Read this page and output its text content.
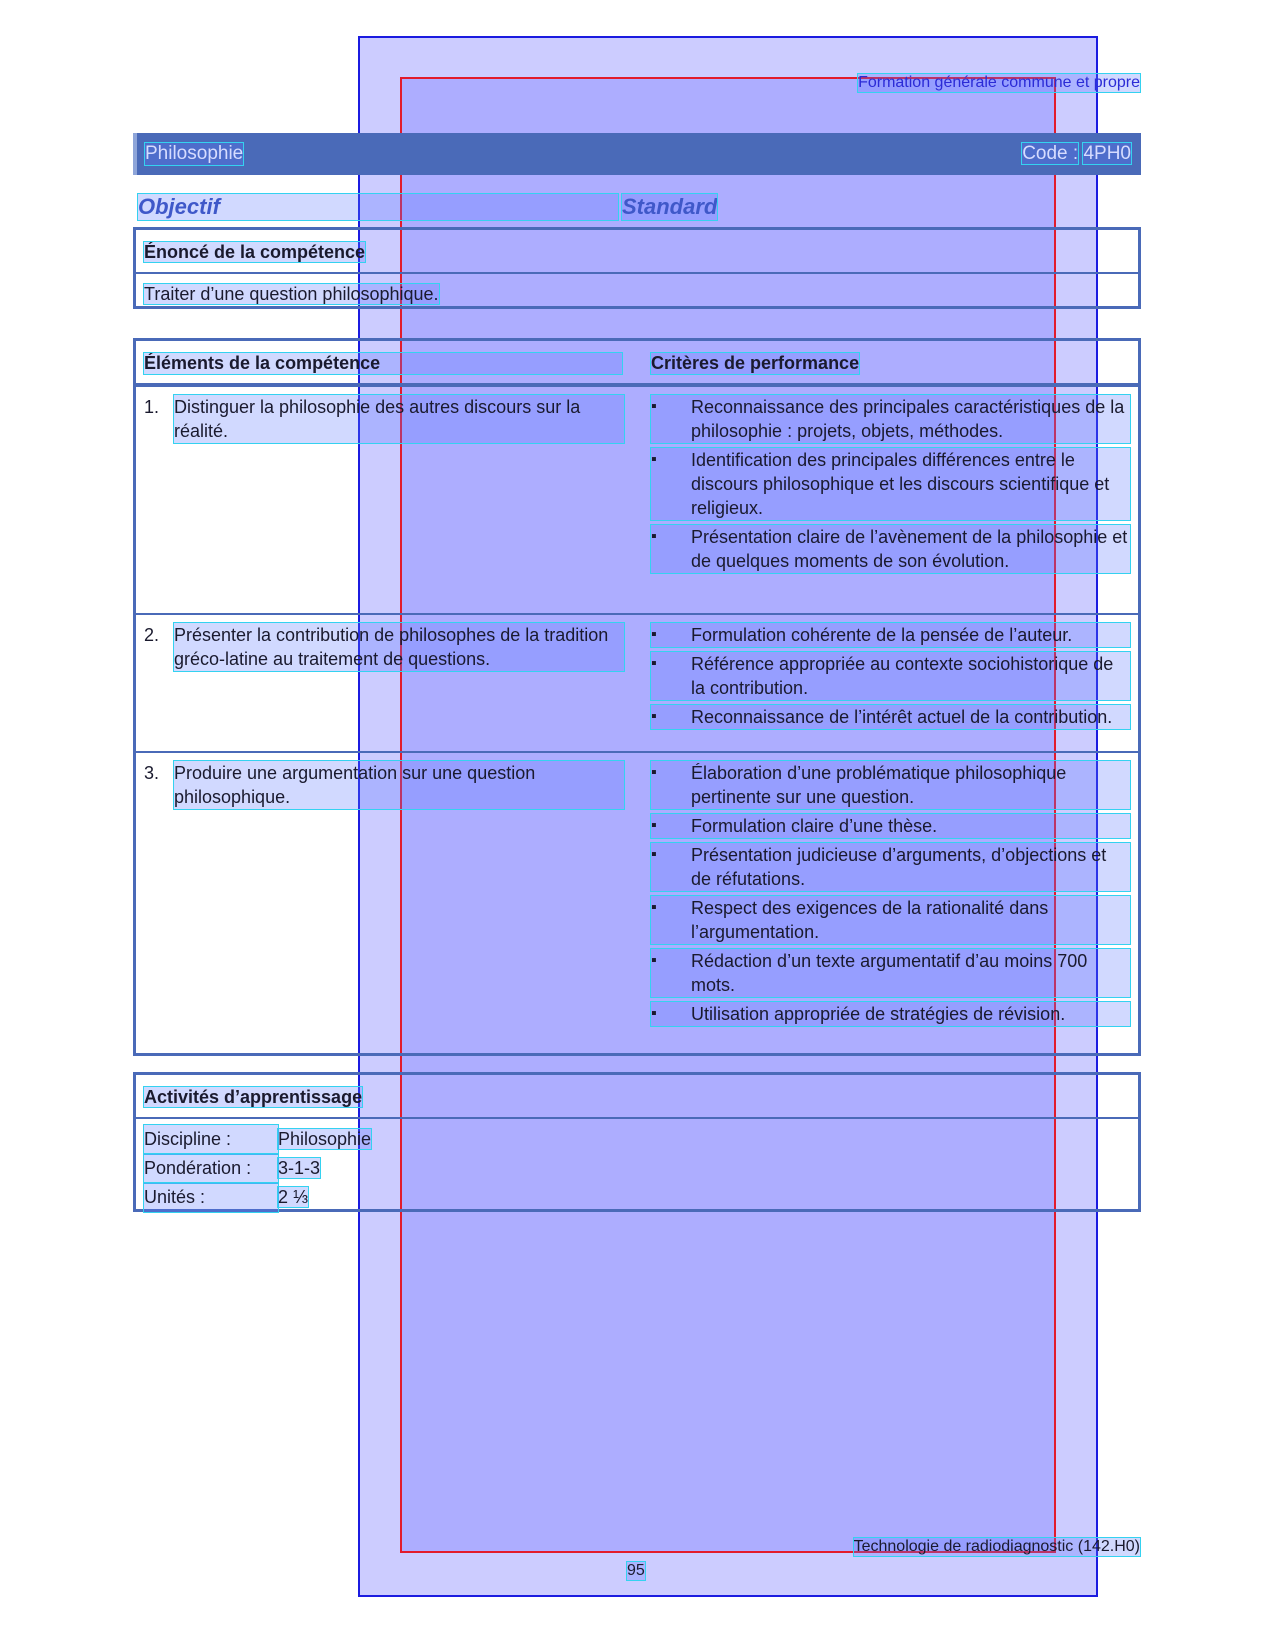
Formation générale commune et propre
Philosophie	Code : 4PH0
Objectif	Standard
Énoncé de la compétence
Traiter d’une question philosophique.
Éléments de la compétence	Critères de performance
1. Distinguer la philosophie des autres discours sur la réalité.
▪ Reconnaissance des principales caractéristiques de la philosophie : projets, objets, méthodes.
▪ Identification des principales différences entre le discours philosophique et les discours scientifique et religieux.
▪ Présentation claire de l’avènement de la philosophie et de quelques moments de son évolution.
2. Présenter la contribution de philosophes de la tradition gréco-latine au traitement de questions.
▪ Formulation cohérente de la pensée de l’auteur.
▪ Référence appropriée au contexte sociohistorique de la contribution.
▪ Reconnaissance de l’intérêt actuel de la contribution.
3. Produire une argumentation sur une question philosophique.
▪ Élaboration d’une problématique philosophique pertinente sur une question.
▪ Formulation claire d’une thèse.
▪ Présentation judicieuse d’arguments, d’objections et de réfutations.
▪ Respect des exigences de la rationalité dans l’argumentation.
▪ Rédaction d’un texte argumentatif d’au moins 700 mots.
▪ Utilisation appropriée de stratégies de révision.
Activités d’apprentissage
Discipline :	Philosophie
Pondération : 3-1-3
Unités :	2 ⅓
Technologie de radiodiagnostic (142.H0)
95
